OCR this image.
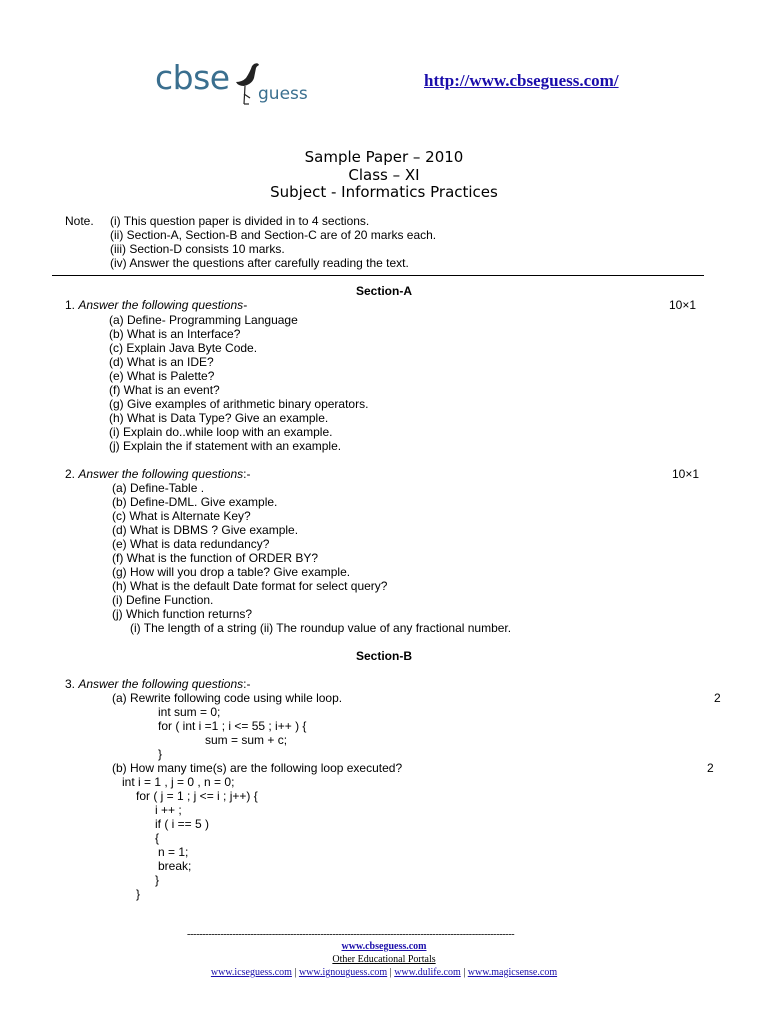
cbse guess
http://www.cbseguess.com/
Sample Paper – 2010
Class – XI
Subject - Informatics Practices
Note. (i) This question paper is divided in to 4 sections.
(ii) Section-A, Section-B and Section-C are of 20 marks each.
(iii) Section-D consists 10 marks.
(iv) Answer the questions after carefully reading the text.
Section-A
1. Answer the following questions-	10×1
(a) Define- Programming Language
(b) What is an Interface?
(c) Explain Java Byte Code.
(d) What is an IDE?
(e) What is Palette?
(f) What is an event?
(g) Give examples of arithmetic binary operators.
(h) What is Data Type? Give an example.
(i) Explain do..while loop with an example.
(j) Explain the if statement with an example.
2. Answer the following questions:-	10×1
(a) Define-Table .
(b) Define-DML. Give example.
(c) What is Alternate Key?
(d) What is DBMS ? Give example.
(e) What is data redundancy?
(f) What is the function of ORDER BY?
(g) How will you drop a table? Give example.
(h) What is the default Date format for select query?
(i) Define Function.
(j) Which function returns?
(i) The length of a string (ii) The roundup value of any fractional number.
Section-B
3. Answer the following questions:-
(a) Rewrite following code using while loop.	2
int sum = 0;
for ( int i =1 ; i <= 55 ; i++ ) {
sum = sum + c;
}
(b) How many time(s) are the following loop executed?	2
int i = 1 , j = 0 , n = 0;
for ( j = 1 ; j <= i ; j++) {
i ++ ;
if ( i == 5 )
{
n = 1;
break;
}
}
------------------------------------------------------------------------------------------------------------
www.cbseguess.com
Other Educational Portals
www.icseguess.com | www.ignouguess.com | www.dulife.com | www.magicsense.com
